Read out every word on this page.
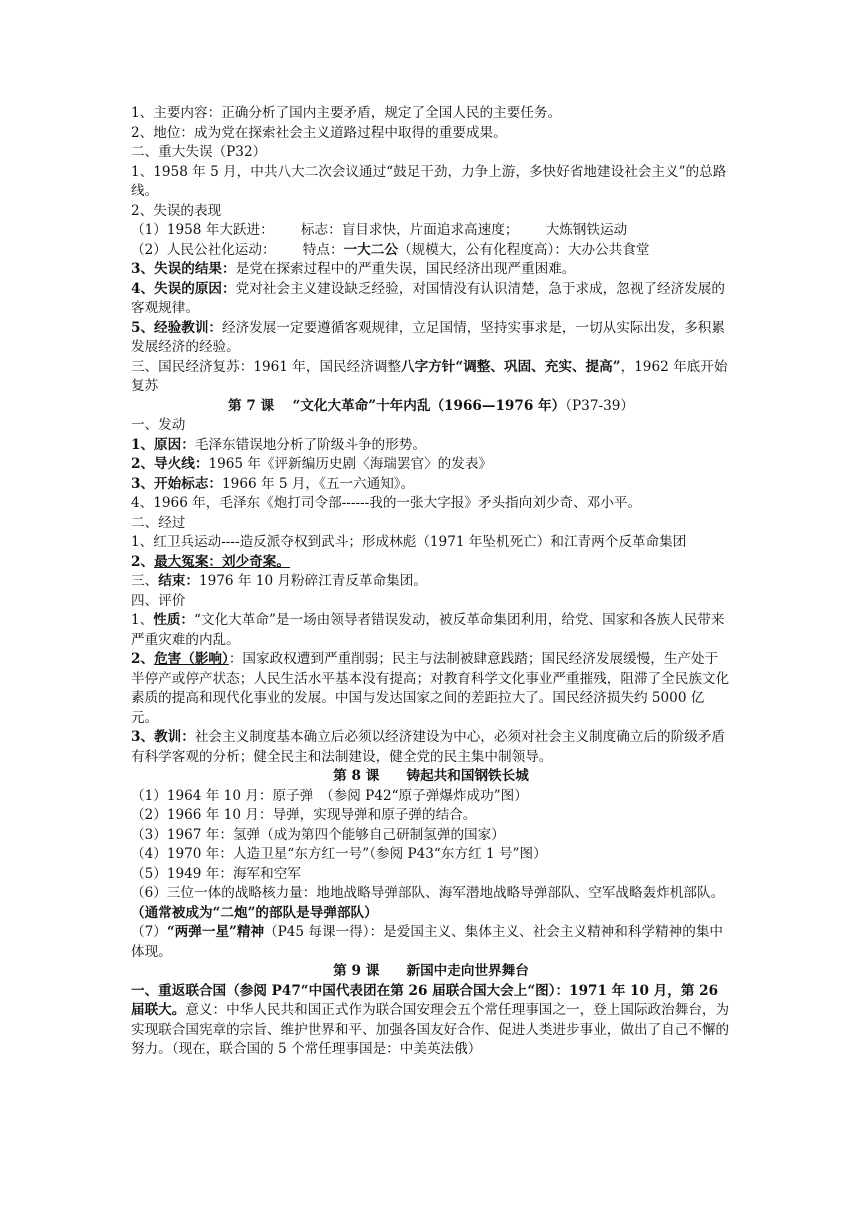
1、主要内容：正确分析了国内主要矛盾，规定了全国人民的主要任务。

2、地位：成为党在探索社会主义道路过程中取得的重要成果。

二、重大失误（P32）

1、1958 年 5 月，中共八大二次会议通过“鼓足干劲，力争上游，多快好省地建设社会主义”的总路线。

2、失误的表现

（1）1958 年大跃进： 标志：盲目求快，片面追求高速度； 大炼钢铁运动

（2）人民公社化运动： 特点：一大二公（规模大，公有化程度高）：大办公共食堂

3、失误的结果：是党在探索过程中的严重失误，国民经济出现严重困难。

4、失误的原因：党对社会主义建设缺乏经验，对国情没有认识清楚，急于求成，忽视了经济发展的客观规律。

5、经验教训：经济发展一定要遵循客观规律，立足国情，坚持实事求是，一切从实际出发，多积累发展经济的经验。

三、国民经济复苏：1961 年，国民经济调整八字方针“调整、巩固、充实、提高”，1962 年底开始复苏

第 7 课　 “文化大革命”十年内乱（1966—1976 年）（P37-39）

一、发动

1、原因：毛泽东错误地分析了阶级斗争的形势。

2、导火线：1965 年《评新编历史剧〈海瑞罢官〉的发表》

3、开始标志：1966 年 5 月，《五一六通知》。

4、1966 年，毛泽东《炮打司令部------我的一张大字报》矛头指向刘少奇、邓小平。

二、经过

1、红卫兵运动----造反派夺权到武斗；形成林彪（1971 年坠机死亡）和江青两个反革命集团

2、最大冤案：刘少奇案。

三、结束：1976 年 10 月粉碎江青反革命集团。

四、评价

1、性质：“文化大革命”是一场由领导者错误发动，被反革命集团利用，给党、国家和各族人民带来严重灾难的内乱。

2、危害（影响）：国家政权遭到严重削弱；民主与法制被肆意践踏；国民经济发展缓慢，生产处于半停产或停产状态；人民生活水平基本没有提高；对教育科学文化事业严重摧残，阻滞了全民族文化素质的提高和现代化事业的发展。中国与发达国家之间的差距拉大了。国民经济损失约 5000 亿元。

3、教训：社会主义制度基本确立后必须以经济建设为中心，必须对社会主义制度确立后的阶级矛盾有科学客观的分析；健全民主和法制建设，健全党的民主集中制领导。

第 8 课　　铸起共和国钢铁长城

（1）1964 年 10 月：原子弹　（参阅 P42“原子弹爆炸成功”图）

（2）1966 年 10 月：导弹，实现导弹和原子弹的结合。

（3）1967 年：氢弹（成为第四个能够自己研制氢弹的国家）

（4）1970 年：人造卫星“东方红一号”（参阅 P43“东方红 1 号”图）

（5）1949 年：海军和空军

（6）三位一体的战略核力量：地地战略导弹部队、海军潜地战略导弹部队、空军战略轰炸机部队。（通常被成为“二炮”的部队是导弹部队）

（7）“两弹一星”精神（P45 每课一得）：是爱国主义、集体主义、社会主义精神和科学精神的集中体现。

第 9 课　　新国中走向世界舞台

一、重返联合国（参阅 P47“中国代表团在第 26 届联合国大会上“图）：1971 年 10 月，第 26 届联大。意义：中华人民共和国正式作为联合国安理会五个常任理事国之一，登上国际政治舞台，为实现联合国宪章的宗旨、维护世界和平、加强各国友好合作、促进人类进步事业，做出了自己不懈的努力。（现在，联合国的 5 个常任理事国是：中美英法俄）
